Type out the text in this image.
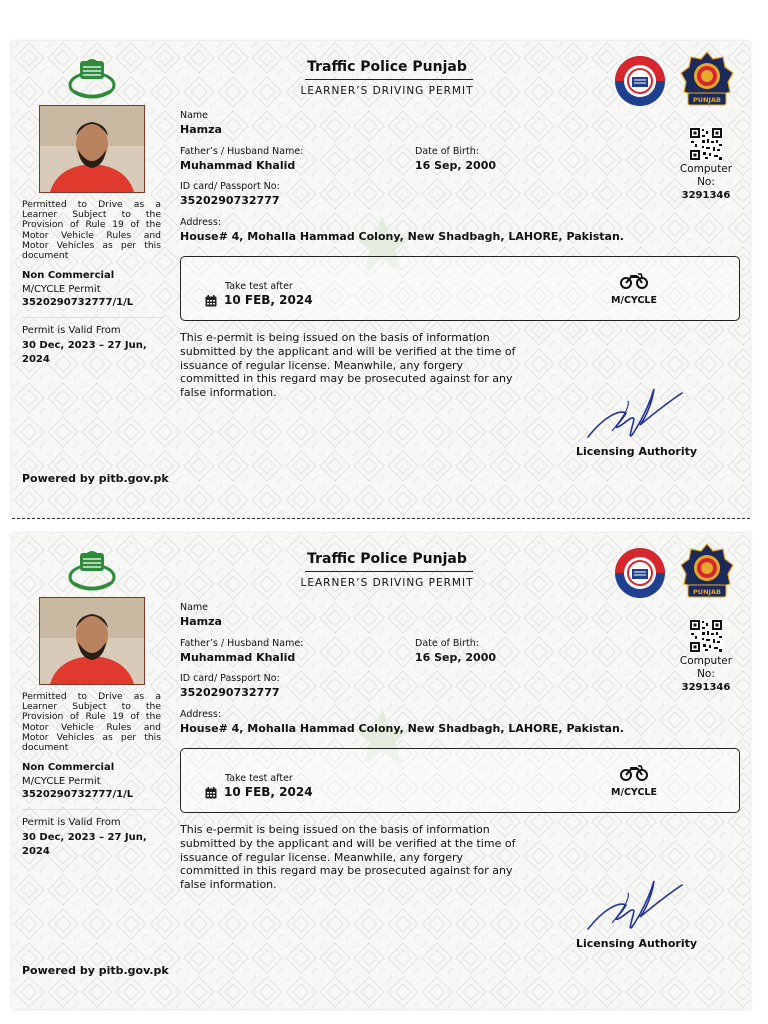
Permitted to Drive as a Learner Subject to the Provision of Rule 19 of the Motor Vehicle Rules and Motor Vehicles as per this document
Non Commercial
M/CYCLE Permit
3520290732777/1/L
Permit is Valid From
30 Dec, 2023 – 27 Jun, 2024
Powered by pitb.gov.pk
Traffic Police Punjab
LEARNER’S DRIVING PERMIT
PUNJAB
Computer No:
3291346
Name
Hamza
Father’s / Husband Name:
Muhammad Khalid
Date of Birth:
16 Sep, 2000
ID card/ Passport No:
3520290732777
Address:
House# 4, Mohalla Hammad Colony, New Shadbagh, LAHORE, Pakistan.
Take test after
10 FEB, 2024	M/CYCLE
This e-permit is being issued on the basis of information submitted by the applicant and will be verified at the time of issuance of regular license. Meanwhile, any forgery committed in this regard may be prosecuted against for any false information.
Licensing Authority
Permitted to Drive as a Learner Subject to the Provision of Rule 19 of the Motor Vehicle Rules and Motor Vehicles as per this document
Non Commercial
M/CYCLE Permit
3520290732777/1/L
Permit is Valid From
30 Dec, 2023 – 27 Jun, 2024
Powered by pitb.gov.pk
Traffic Police Punjab
LEARNER’S DRIVING PERMIT
PUNJAB
Computer No:
3291346
Name
Hamza
Father’s / Husband Name:
Muhammad Khalid
Date of Birth:
16 Sep, 2000
ID card/ Passport No:
3520290732777
Address:
House# 4, Mohalla Hammad Colony, New Shadbagh, LAHORE, Pakistan.
Take test after
10 FEB, 2024	M/CYCLE
This e-permit is being issued on the basis of information submitted by the applicant and will be verified at the time of issuance of regular license. Meanwhile, any forgery committed in this regard may be prosecuted against for any false information.
Licensing Authority
